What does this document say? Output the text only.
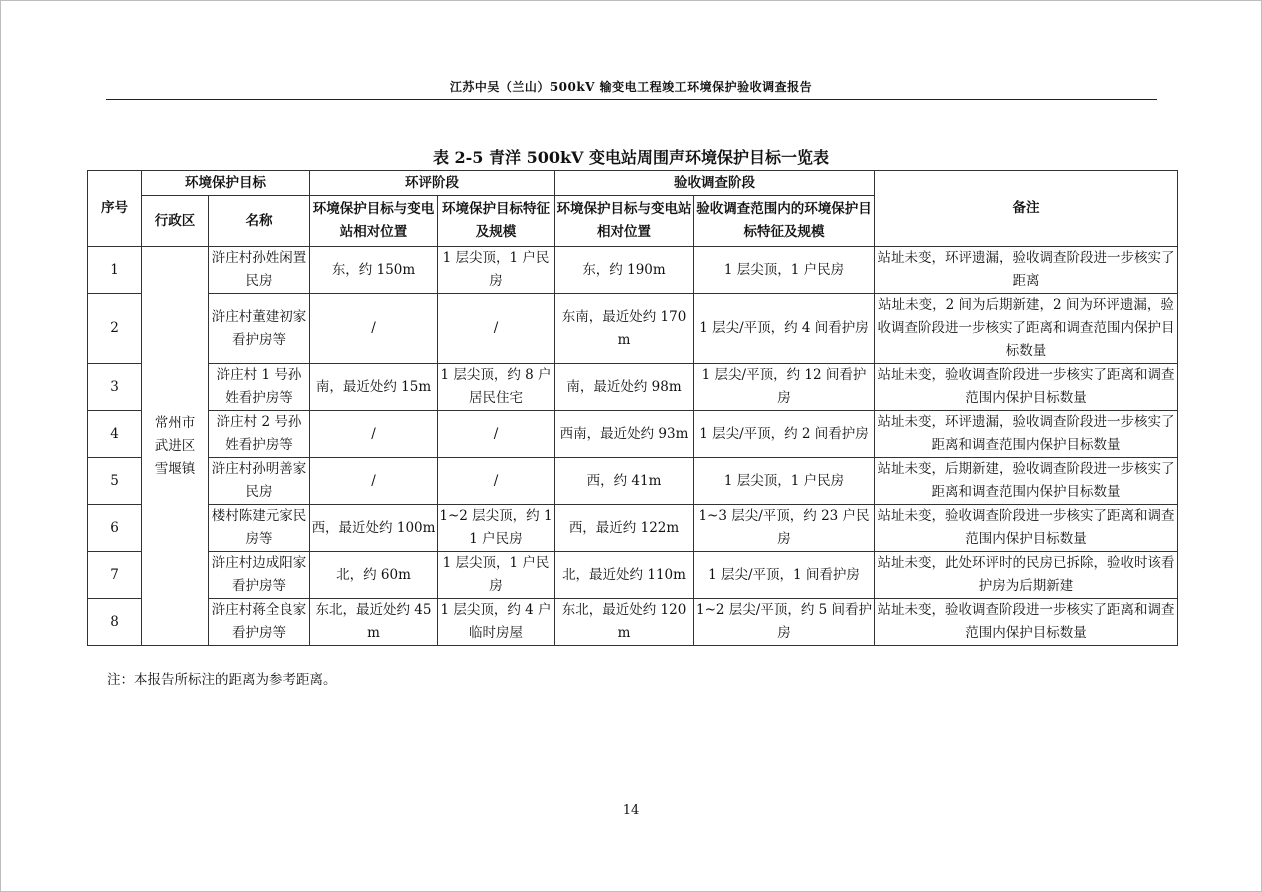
江苏中吴（兰山）500kV 输变电工程竣工环境保护验收调查报告
表 2-5 青洋 500kV 变电站周围声环境保护目标一览表
序号	环境保护目标		环评阶段		验收调查阶段		备注
	行政区	名称	环境保护目标与变电站相对位置	环境保护目标特征及规模	环境保护目标与变电站相对位置	验收调查范围内的环境保护目标特征及规模	
1	常州市武进区雪堰镇	浒庄村孙姓闲置民房	东，约 150m	1 层尖顶，1 户民房	东，约 190m	1 层尖顶，1 户民房	站址未变，环评遗漏，验收调查阶段进一步核实了距离
2		浒庄村董建初家看护房等	/	/	东南，最近处约 170m	1 层尖/平顶，约 4 间看护房	站址未变，2 间为后期新建，2 间为环评遗漏，验收调查阶段进一步核实了距离和调查范围内保护目标数量
3		浒庄村 1 号孙姓看护房等	南，最近处约 15m	1 层尖顶，约 8 户居民住宅	南，最近处约 98m	1 层尖/平顶，约 12 间看护房	站址未变，验收调查阶段进一步核实了距离和调查范围内保护目标数量
4		浒庄村 2 号孙姓看护房等	/	/	西南，最近处约 93m	1 层尖/平顶，约 2 间看护房	站址未变，环评遗漏，验收调查阶段进一步核实了距离和调查范围内保护目标数量
5		浒庄村孙明善家民房	/	/	西，约 41m	1 层尖顶，1 户民房	站址未变，后期新建，验收调查阶段进一步核实了距离和调查范围内保护目标数量
6		楼村陈建元家民房等	西，最近处约 100m	1~2 层尖顶，约 11 户民房	西，最近约 122m	1~3 层尖/平顶，约 23 户民房	站址未变，验收调查阶段进一步核实了距离和调查范围内保护目标数量
7		浒庄村边成阳家看护房等	北，约 60m	1 层尖顶，1 户民房	北，最近处约 110m	1 层尖/平顶，1 间看护房	站址未变，此处环评时的民房已拆除，验收时该看护房为后期新建
8		浒庄村蒋全良家看护房等	东北，最近处约 45m	1 层尖顶，约 4 户临时房屋	东北，最近处约 120m	1~2 层尖/平顶，约 5 间看护房	站址未变，验收调查阶段进一步核实了距离和调查范围内保护目标数量
注：本报告所标注的距离为参考距离。
14
